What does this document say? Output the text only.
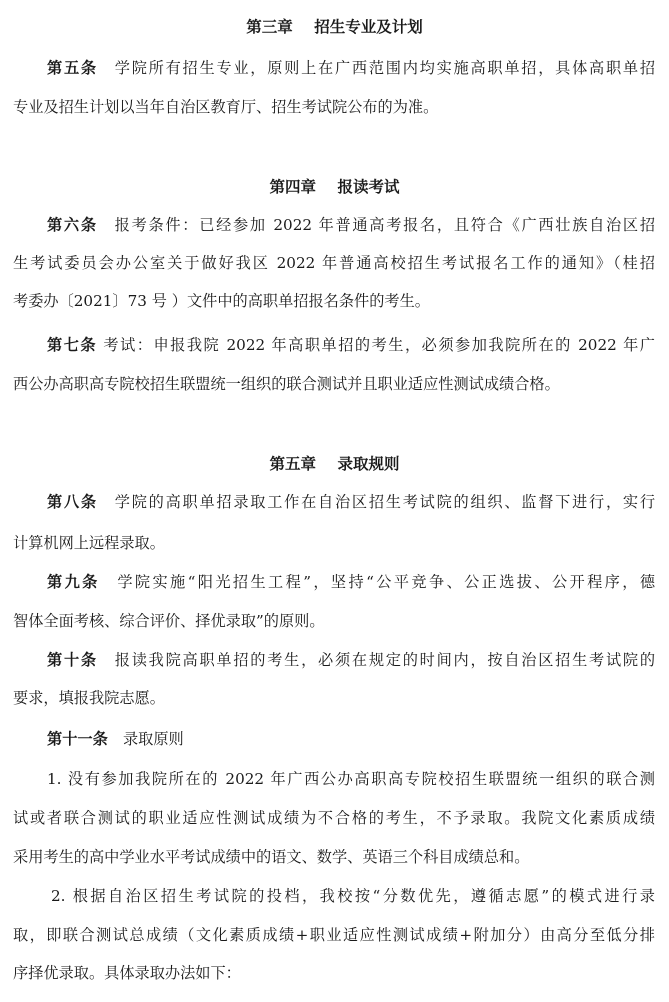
第三章    招生专业及计划

第五条　 学院所有招生专业，原则上在广西范围内均实施高职单招，具体高职单招

专业及招生计划以当年自治区教育厅、招生考试院公布的为准。

第四章    报读考试

第六条　 报考条件：已经参加 2022 年普通高考报名，且符合《广西壮族自治区招

生考试委员会办公室关于做好我区 2022 年普通高校招生考试报名工作的通知》（桂招

考委办〔2021〕73 号 ）文件中的高职单招报名条件的考生。

第七条 考试：申报我院 2022 年高职单招的考生，必须参加我院所在的 2022 年广

西公办高职高专院校招生联盟统一组织的联合测试并且职业适应性测试成绩合格。

第五章    录取规则

第八条　 学院的高职单招录取工作在自治区招生考试院的组织、监督下进行，实行

计算机网上远程录取。

第九条　 学院实施“阳光招生工程”，坚持“公平竞争、公正选拔、公开程序，德

智体全面考核、综合评价、择优录取”的原则。

第十条　 报读我院高职单招的考生，必须在规定的时间内，按自治区招生考试院的

要求，填报我院志愿。

第十一条　 录取原则

1. 没有参加我院所在的 2022 年广西公办高职高专院校招生联盟统一组织的联合测

试或者联合测试的职业适应性测试成绩为不合格的考生，不予录取。我院文化素质成绩

采用考生的高中学业水平考试成绩中的语文、数学、英语三个科目成绩总和。

2. 根据自治区招生考试院的投档，我校按“分数优先，遵循志愿”的模式进行录

取，即联合测试总成绩（文化素质成绩+职业适应性测试成绩+附加分）由高分至低分排

序择优录取。具体录取办法如下：
